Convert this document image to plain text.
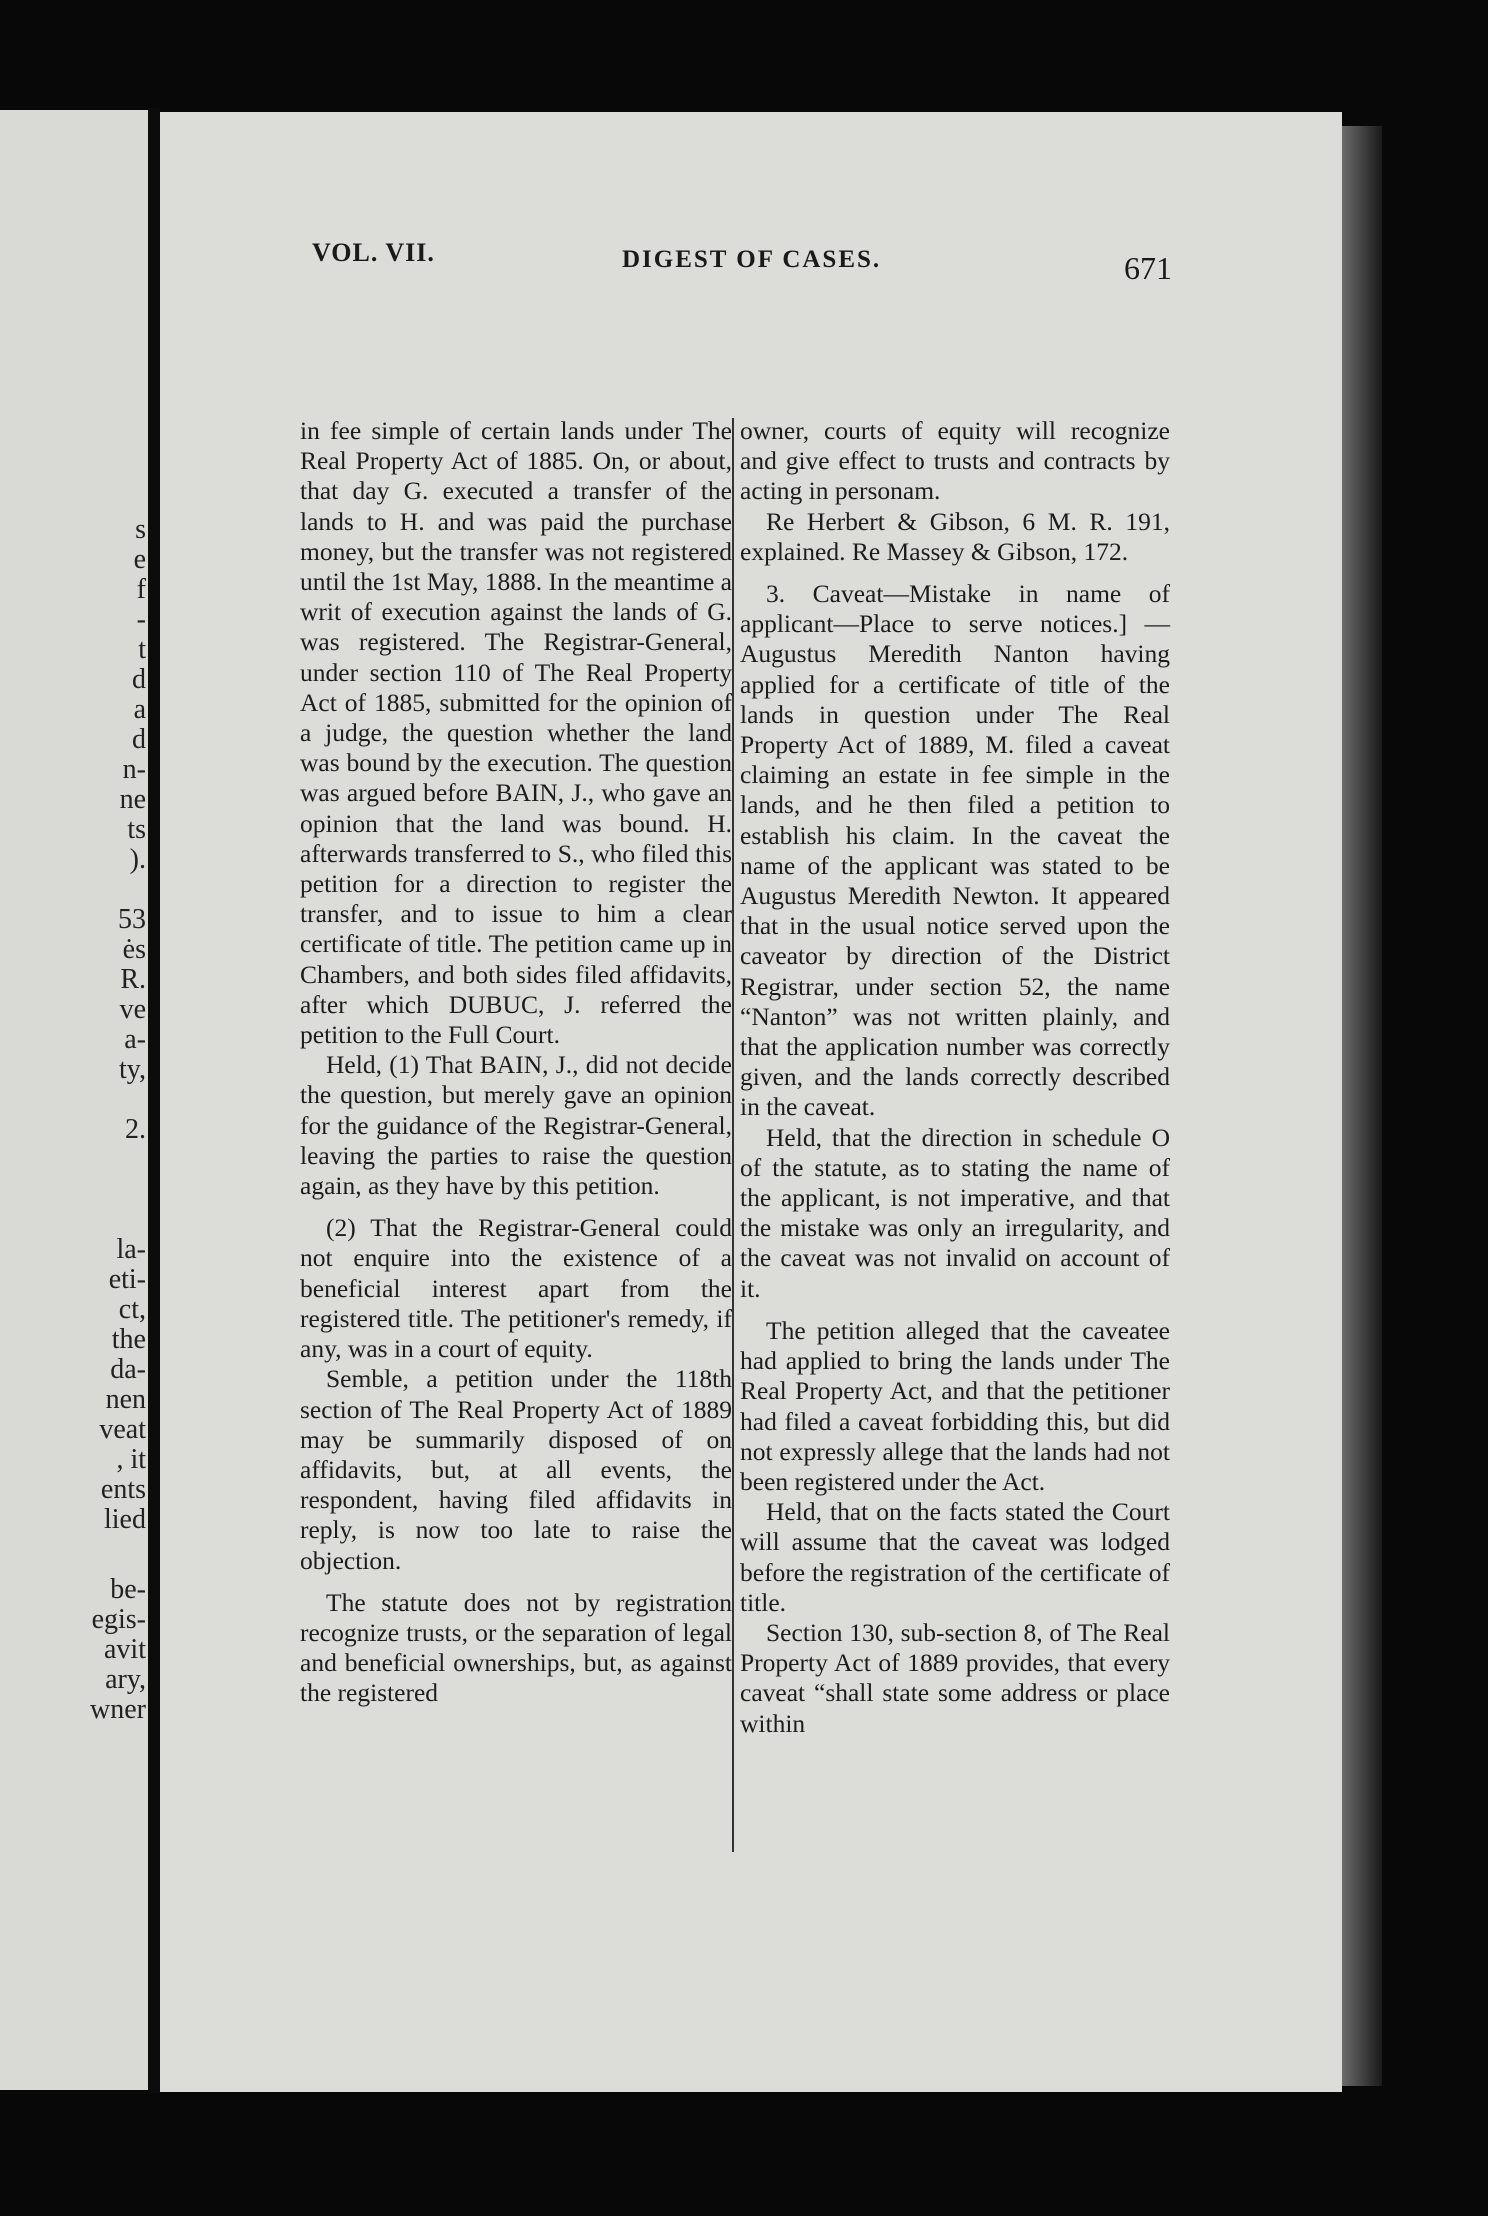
s
e
f
-
t
d
a
d
n-
ne
ts
).
53
ės
R.
ve
a-
ty,
2.
la-
eti-
ct,
the
da-
nen
veat
, it
ents
lied
be-
egis-
avit
ary,
wner
VOL. VII.	DIGEST OF CASES.	671

in fee simple of certain lands under The Real Property Act of 1885. On, or about, that day G. executed a transfer of the lands to H. and was paid the purchase money, but the transfer was not registered until the 1st May, 1888. In the meantime a writ of execution against the lands of G. was registered. The Registrar-General, under section 110 of The Real Property Act of 1885, submitted for the opinion of a judge, the question whether the land was bound by the execution. The question was argued before BAIN, J., who gave an opinion that the land was bound. H. afterwards transferred to S., who filed this petition for a direction to register the transfer, and to issue to him a clear certificate of title. The petition came up in Chambers, and both sides filed affidavits, after which DUBUC, J. referred the petition to the Full Court.

Held, (1) That BAIN, J., did not decide the question, but merely gave an opinion for the guidance of the Registrar-General, leaving the parties to raise the question again, as they have by this petition.

(2) That the Registrar-General could not enquire into the existence of a beneficial interest apart from the registered title. The petitioner's remedy, if any, was in a court of equity.

Semble, a petition under the 118th section of The Real Property Act of 1889 may be summarily disposed of on affidavits, but, at all events, the respondent, having filed affidavits in reply, is now too late to raise the objection.

The statute does not by registration recognize trusts, or the separation of legal and beneficial ownerships, but, as against the registered

owner, courts of equity will recognize and give effect to trusts and contracts by acting in personam.

Re Herbert & Gibson, 6 M. R. 191, explained. Re Massey & Gibson, 172.

3. Caveat—Mistake in name of applicant—Place to serve notices.] —Augustus Meredith Nanton having applied for a certificate of title of the lands in question under The Real Property Act of 1889, M. filed a caveat claiming an estate in fee simple in the lands, and he then filed a petition to establish his claim. In the caveat the name of the applicant was stated to be Augustus Meredith Newton. It appeared that in the usual notice served upon the caveator by direction of the District Registrar, under section 52, the name “Nanton” was not written plainly, and that the application number was correctly given, and the lands correctly described in the caveat.

Held, that the direction in schedule O of the statute, as to stating the name of the applicant, is not imperative, and that the mistake was only an irregularity, and the caveat was not invalid on account of it.

The petition alleged that the caveatee had applied to bring the lands under The Real Property Act, and that the petitioner had filed a caveat forbidding this, but did not expressly allege that the lands had not been registered under the Act.

Held, that on the facts stated the Court will assume that the caveat was lodged before the registration of the certificate of title.

Section 130, sub-section 8, of The Real Property Act of 1889 provides, that every caveat “shall state some address or place within
